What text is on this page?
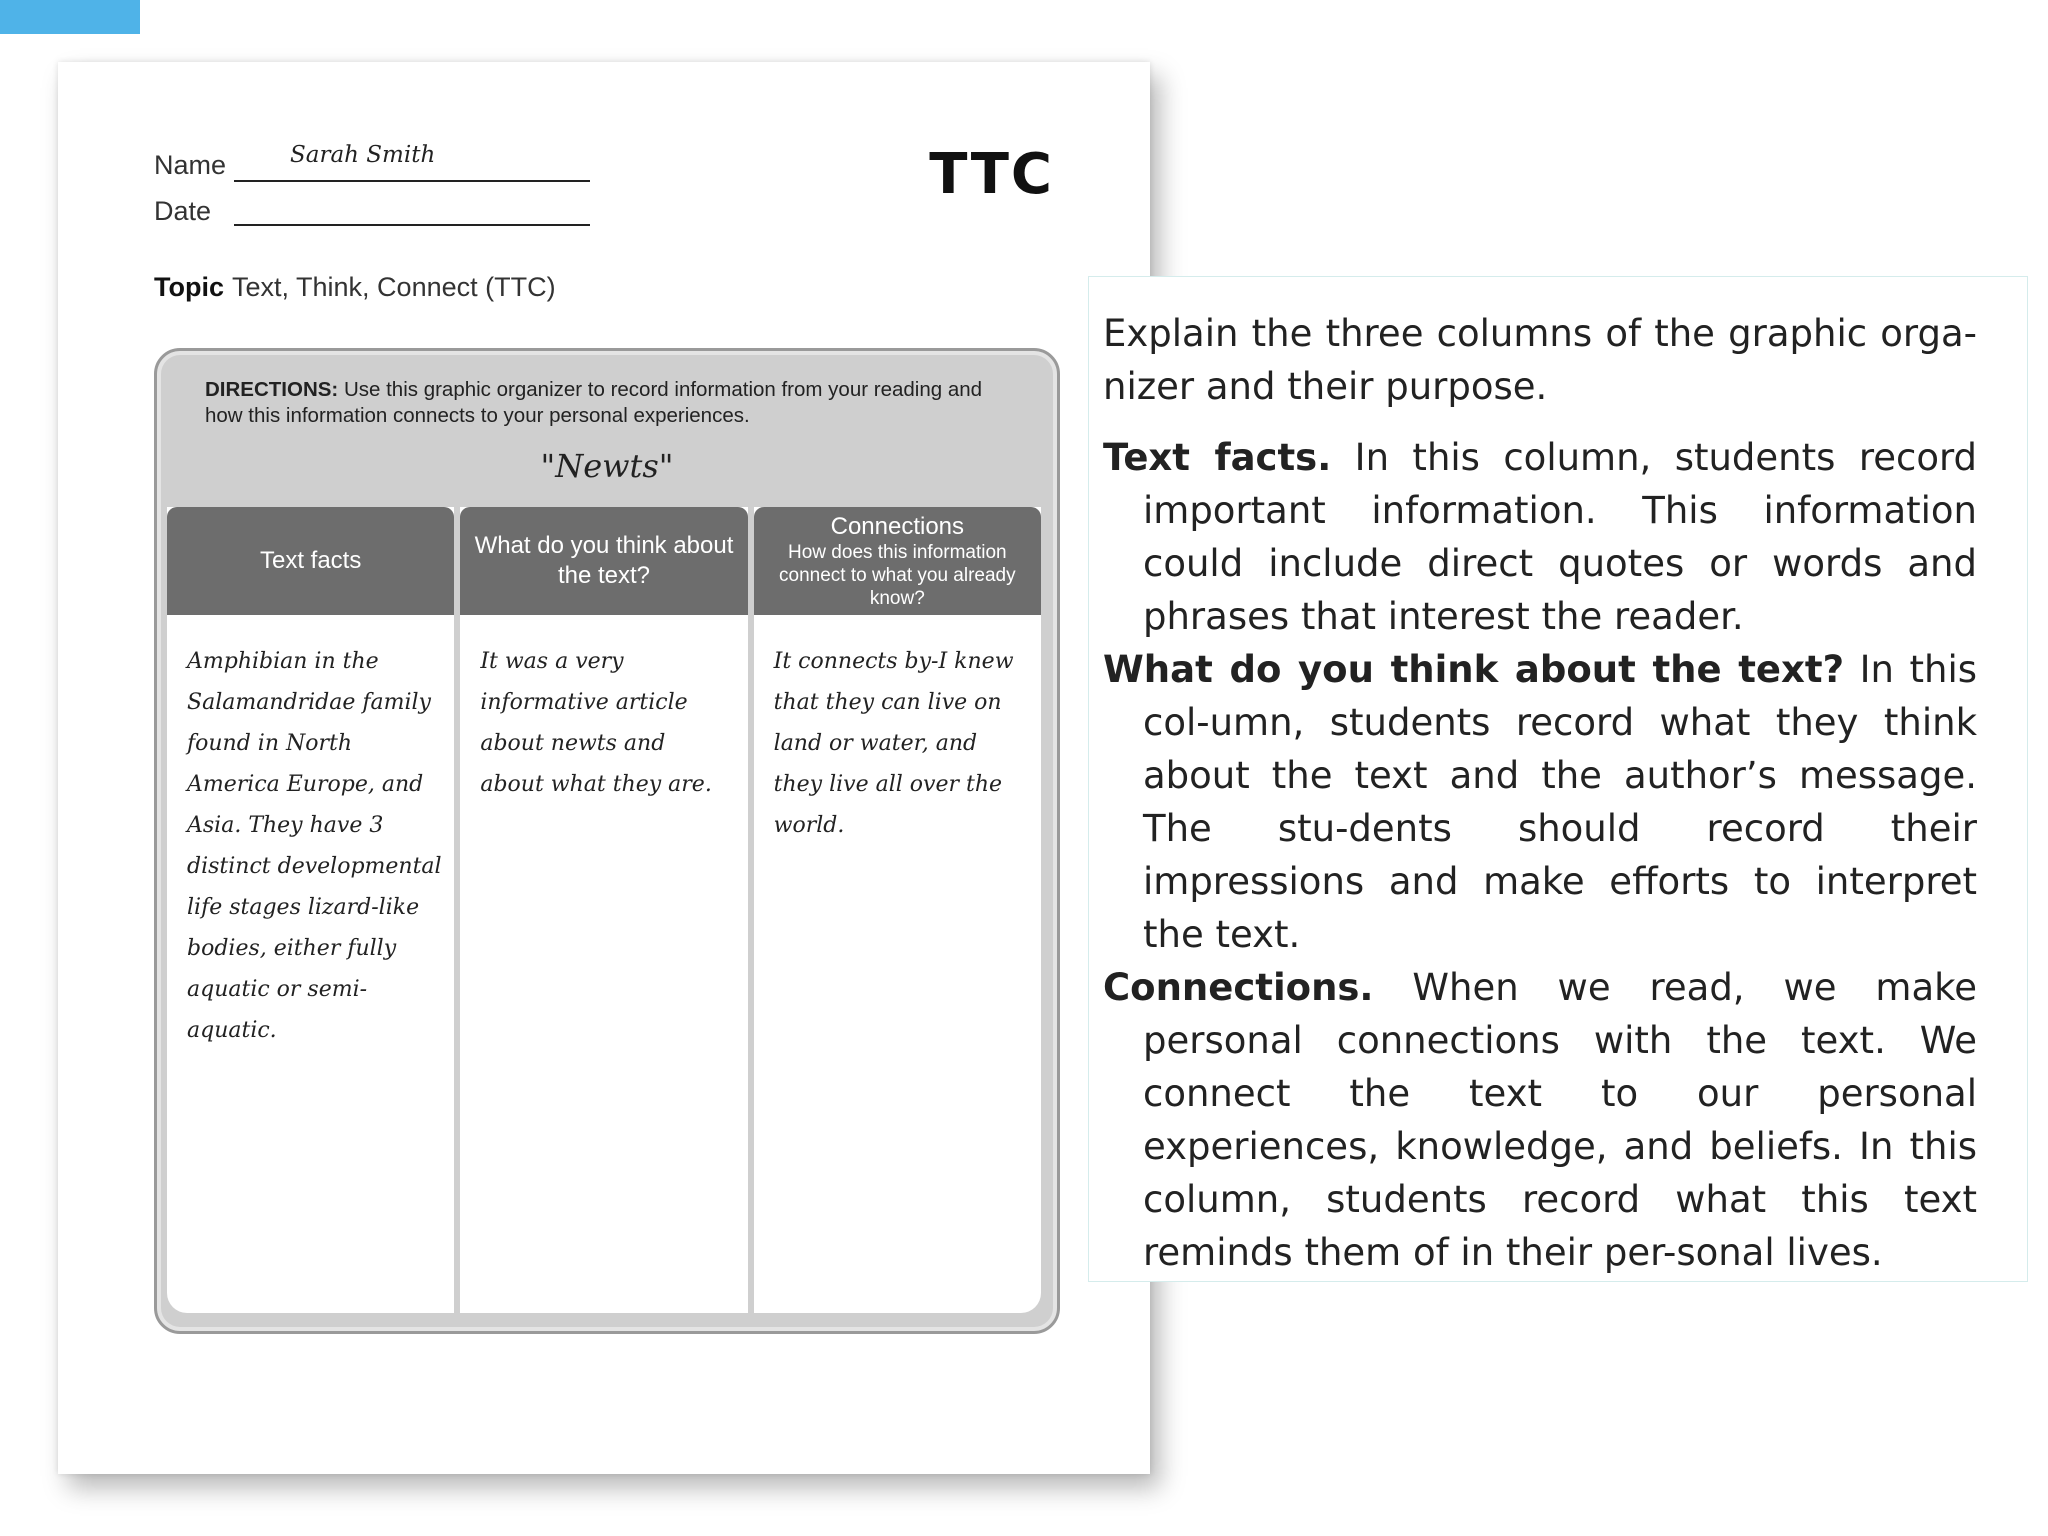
Name	Sarah Smith
Date
TTC
Topic Text, Think, Connect (TTC)
DIRECTIONS: Use this graphic organizer to record information from your reading and how this information connects to your personal experiences.
"Newts"
Text facts

Amphibian in the Salamandridae family found in North America Europe, and Asia. They have 3 distinct developmental life stages lizard-like bodies, either fully aquatic or semi-aquatic.

What do you think about the text?

It was a very informative article about newts and about what they are.

Connections
How does this information connect to what you already know?

It connects by-I knew that they can live on land or water, and they live all over the world.

Explain the three columns of the graphic orga-nizer and their purpose.

Text facts. In this column, students record important information. This information could include direct quotes or words and phrases that interest the reader.

What do you think about the text? In this col-umn, students record what they think about the text and the author’s message. The stu-dents should record their impressions and make efforts to interpret the text.

Connections. When we read, we make personal connections with the text. We connect the text to our personal experiences, knowledge, and beliefs. In this column, students record what this text reminds them of in their per-sonal lives.
